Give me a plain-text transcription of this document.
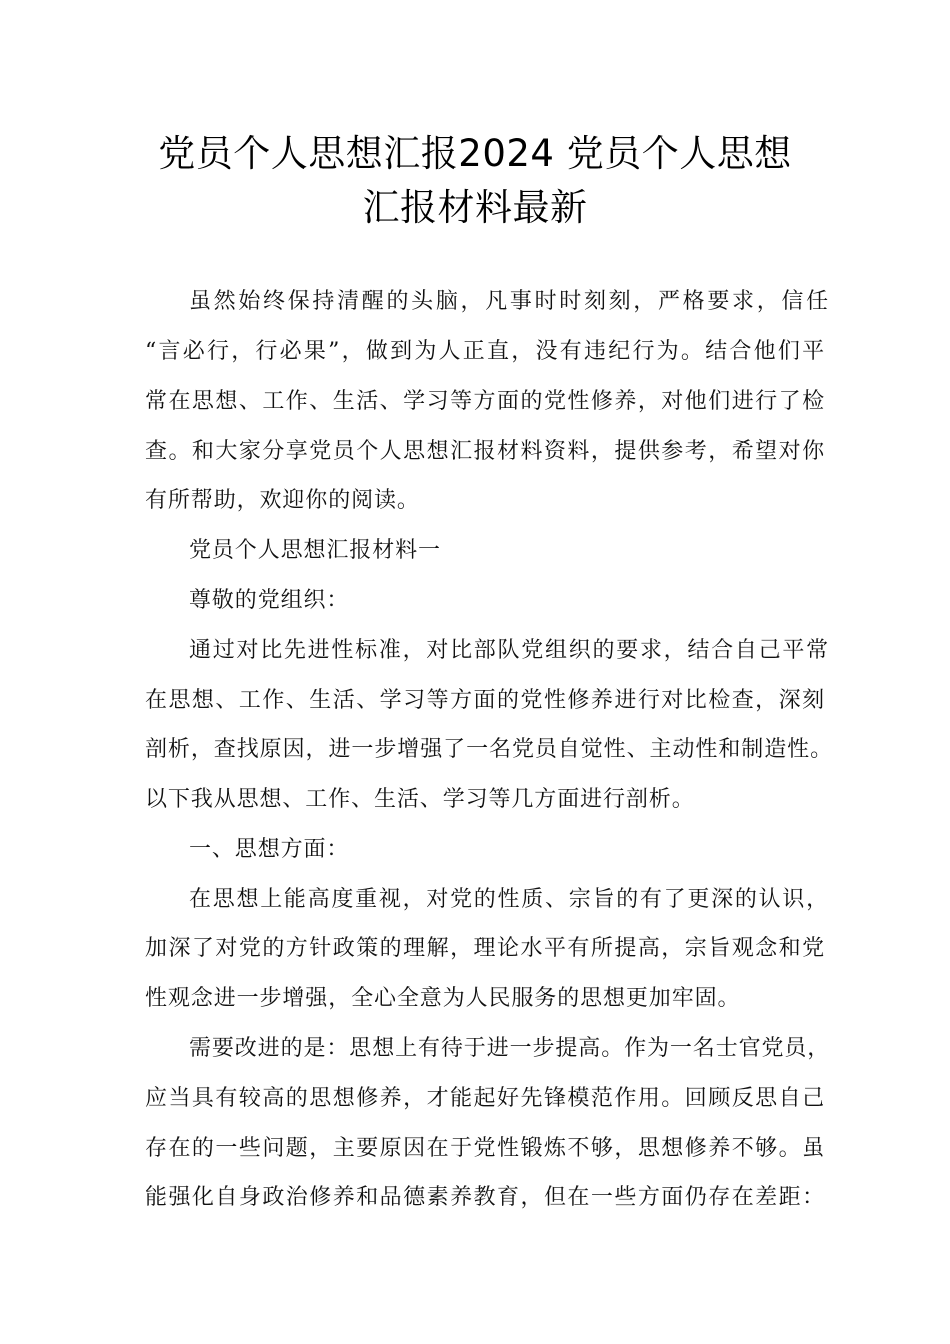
党员个人思想汇报2024 党员个人思想
汇报材料最新
虽然始终保持清醒的头脑，凡事时时刻刻，严格要求，信任
“言必行，行必果”，做到为人正直，没有违纪行为。结合他们平
常在思想、工作、生活、学习等方面的党性修养，对他们进行了检
查。和大家分享党员个人思想汇报材料资料，提供参考，希望对你
有所帮助，欢迎你的阅读。
党员个人思想汇报材料一
尊敬的党组织：
通过对比先进性标准，对比部队党组织的要求，结合自己平常
在思想、工作、生活、学习等方面的党性修养进行对比检查，深刻
剖析，查找原因，进一步增强了一名党员自觉性、主动性和制造性。
以下我从思想、工作、生活、学习等几方面进行剖析。
一、思想方面：
在思想上能高度重视，对党的性质、宗旨的有了更深的认识，
加深了对党的方针政策的理解，理论水平有所提高，宗旨观念和党
性观念进一步增强，全心全意为人民服务的思想更加牢固。
需要改进的是：思想上有待于进一步提高。作为一名士官党员，
应当具有较高的思想修养，才能起好先锋模范作用。回顾反思自己
存在的一些问题，主要原因在于党性锻炼不够，思想修养不够。虽
能强化自身政治修养和品德素养教育，但在一些方面仍存在差距：
